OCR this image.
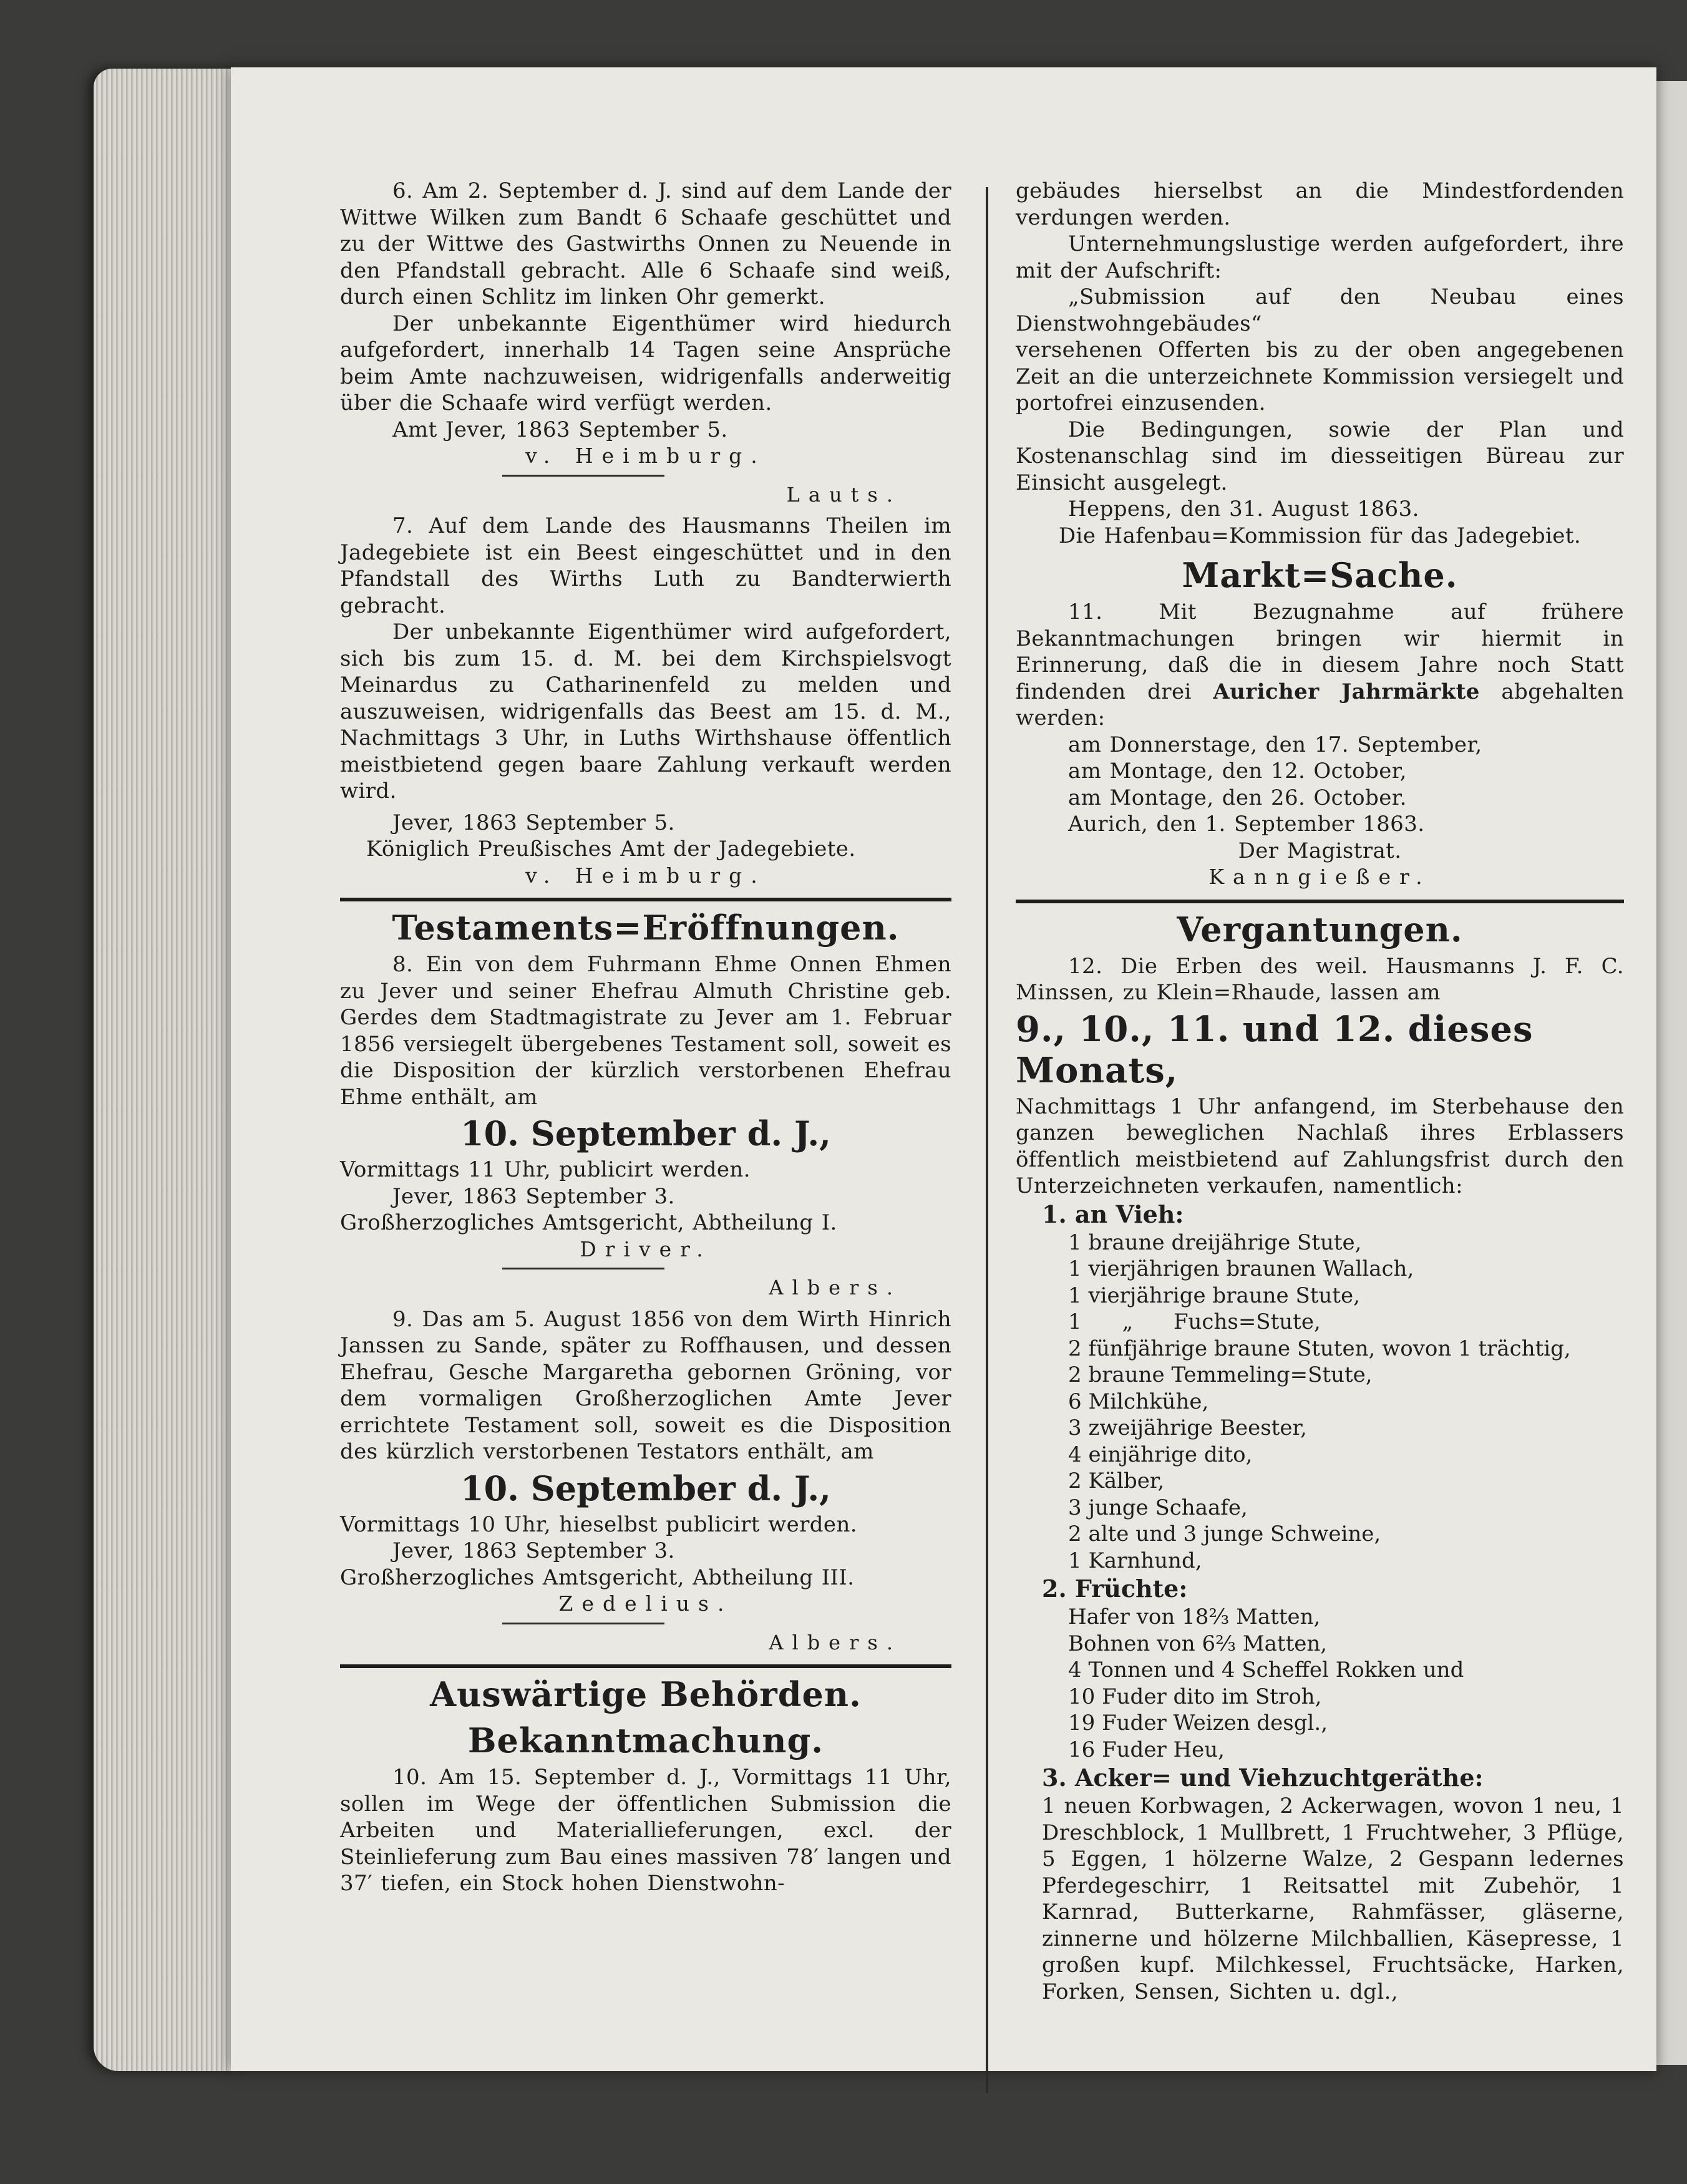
6. Am 2. September d. J. sind auf dem Lande der Wittwe Wilken zum Bandt 6 Schaafe geschüttet und zu der Wittwe des Gastwirths Onnen zu Neuende in den Pfandstall gebracht. Alle 6 Schaafe sind weiß, durch einen Schlitz im linken Ohr gemerkt.

Der unbekannte Eigenthümer wird hiedurch aufgefordert, innerhalb 14 Tagen seine Ansprüche beim Amte nachzuweisen, widrigenfalls anderweitig über die Schaafe wird verfügt werden.

Amt Jever, 1863 September 5.

v. Heimburg.

Lauts.

7. Auf dem Lande des Hausmanns Theilen im Jadegebiete ist ein Beest eingeschüttet und in den Pfandstall des Wirths Luth zu Bandterwierth gebracht.

Der unbekannte Eigenthümer wird aufgefordert, sich bis zum 15. d. M. bei dem Kirchspielsvogt Meinardus zu Catharinenfeld zu melden und auszuweisen, widrigenfalls das Beest am 15. d. M., Nachmittags 3 Uhr, in Luths Wirthshause öffentlich meistbietend gegen baare Zahlung verkauft werden wird.

Jever, 1863 September 5.

Königlich Preußisches Amt der Jadegebiete.

v. Heimburg.

Testaments=Eröffnungen.

8. Ein von dem Fuhrmann Ehme Onnen Ehmen zu Jever und seiner Ehefrau Almuth Christine geb. Gerdes dem Stadtmagistrate zu Jever am 1. Februar 1856 versiegelt übergebenes Testament soll, soweit es die Disposition der kürzlich verstorbenen Ehefrau Ehme enthält, am

10. September d. J.,

Vormittags 11 Uhr, publicirt werden.

Jever, 1863 September 3.

Großherzogliches Amtsgericht, Abtheilung I.

Driver.

Albers.

9. Das am 5. August 1856 von dem Wirth Hinrich Janssen zu Sande, später zu Roffhausen, und dessen Ehefrau, Gesche Margaretha gebornen Gröning, vor dem vormaligen Großherzoglichen Amte Jever errichtete Testament soll, soweit es die Disposition des kürzlich verstorbenen Testators enthält, am

10. September d. J.,

Vormittags 10 Uhr, hieselbst publicirt werden.

Jever, 1863 September 3.

Großherzogliches Amtsgericht, Abtheilung III.

Zedelius.

Albers.

Auswärtige Behörden.

Bekanntmachung.

10. Am 15. September d. J., Vormittags 11 Uhr, sollen im Wege der öffentlichen Submission die Arbeiten und Materiallieferungen, excl. der Steinlieferung zum Bau eines massiven 78′ langen und 37′ tiefen, ein Stock hohen Dienstwohn-

gebäudes hierselbst an die Mindestfordenden verdungen werden.

Unternehmungslustige werden aufgefordert, ihre mit der Aufschrift:

„Submission auf den Neubau eines Dienstwohngebäudes“

versehenen Offerten bis zu der oben angegebenen Zeit an die unterzeichnete Kommission versiegelt und portofrei einzusenden.

Die Bedingungen, sowie der Plan und Kostenanschlag sind im diesseitigen Büreau zur Einsicht ausgelegt.

Heppens, den 31. August 1863.

Die Hafenbau=Kommission für das Jadegebiet.

Markt=Sache.

11. Mit Bezugnahme auf frühere Bekanntmachungen bringen wir hiermit in Erinnerung, daß die in diesem Jahre noch Statt findenden drei Auricher Jahrmärkte abgehalten werden:

am Donnerstage, den 17. September,

am Montage, den 12. October,

am Montage, den 26. October.

Aurich, den 1. September 1863.

Der Magistrat.

Kanngießer.

Vergantungen.

12. Die Erben des weil. Hausmanns J. F. C. Minssen, zu Klein=Rhaude, lassen am

9., 10., 11. und 12. dieses Monats,

Nachmittags 1 Uhr anfangend, im Sterbehause den ganzen beweglichen Nachlaß ihres Erblassers öffentlich meistbietend auf Zahlungsfrist durch den Unterzeichneten verkaufen, namentlich:

1. an Vieh:

1 braune dreijährige Stute,

1 vierjährigen braunen Wallach,

1 vierjährige braune Stute,

1      „      Fuchs=Stute,

2 fünfjährige braune Stuten, wovon 1 trächtig,

2 braune Temmeling=Stute,

6 Milchkühe,

3 zweijährige Beester,

4 einjährige dito,

2 Kälber,

3 junge Schaafe,

2 alte und 3 junge Schweine,

1 Karnhund,

2. Früchte:

Hafer von 18⅔ Matten,

Bohnen von 6⅔ Matten,

4 Tonnen und 4 Scheffel Rokken und

10 Fuder dito im Stroh,

19 Fuder Weizen desgl.,

16 Fuder Heu,

3. Acker= und Viehzuchtgeräthe:

1 neuen Korbwagen, 2 Ackerwagen, wovon 1 neu, 1 Dreschblock, 1 Mullbrett, 1 Fruchtweher, 3 Pflüge, 5 Eggen, 1 hölzerne Walze, 2 Gespann ledernes Pferdegeschirr, 1 Reitsattel mit Zubehör, 1 Karnrad, Butterkarne, Rahmfässer, gläserne, zinnerne und hölzerne Milchballien, Käsepresse, 1 großen kupf. Milchkessel, Fruchtsäcke, Harken, Forken, Sensen, Sichten u. dgl.,
